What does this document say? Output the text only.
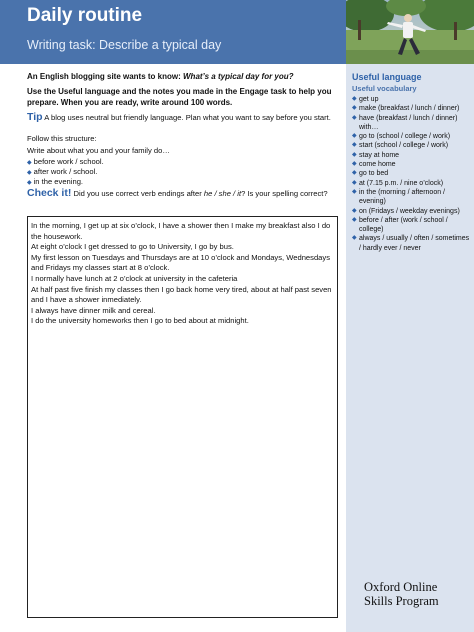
Daily routine
Writing task: Describe a typical day
An English blogging site wants to know: What’s a typical day for you?
Use the Useful language and the notes you made in the Engage task to help you prepare. When you are ready, write around 100 words.
Tip A blog uses neutral but friendly language. Plan what you want to say before you start.
Follow this structure:
Write about what you and your family do…
◆ before work / school.
◆ after work / school.
◆ in the evening.
Check it! Did you use correct verb endings after he / she / it? Is your spelling correct?
In the morning, I get up at six o’clock, I have a shower then I make my breakfast also I do the housework.
At eight o’clock I get dressed to go to University, I go by bus.
My first lesson on Tuesdays and Thursdays are at 10 o’clock and Mondays, Wednesdays and Fridays my classes start at 8 o’clock.
I normally have lunch at 2 o’clock at university in the cafeteria
At half past five finish my classes then I go back home very tired, about at half past seven and I have a shower inmediately.
I always have dinner milk and cereal.
I do the university homeworks then I go to bed about at midnight.
Useful language
Useful vocabulary
◆ get up
◆ make (breakfast / lunch / dinner)
◆ have (breakfast / lunch / dinner) with…
◆ go to (school / college / work)
◆ start (school / college / work)
◆ stay at home
◆ come home
◆ go to bed
◆ at (7.15 p.m. / nine o’clock)
◆ in the (morning / afternoon / evening)
◆ on (Fridays / weekday evenings)
◆ before / after (work / school / college)
◆ always / usually / often / sometimes / hardly ever / never
Oxford Online
Skills Program
